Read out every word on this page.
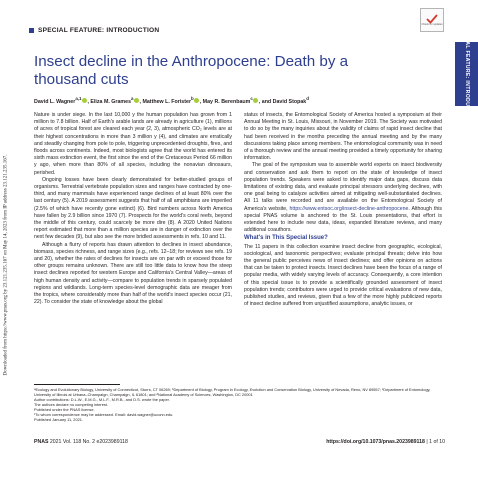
SPECIAL FEATURE: INTRODUCTION
Check for updates
SPECIAL FEATURE: INTRODUCTION
Downloaded from https://www.pnas.org by 23.121.235.167 on May 14, 2023 from IP address 23.121.235.167.
Insect decline in the Anthropocene: Death by a thousand cuts
David L. Wagner$^{a,1}$, Eliza M. Grames$^a$, Matthew L. Forister$^b$, May R. Berenbaum$^c$, and David Stopak$^d$

Nature is under siege. In the last 10,000 y the human population has grown from 1 million to 7.8 billion. Half of Earth's arable lands are already in agriculture (1), millions of acres of tropical forest are cleared each year (2, 3), atmospheric CO₂ levels are at their highest concentrations in more than 3 million y (4), and climates are erratically and steadily changing from pole to pole, triggering unprecedented droughts, fires, and floods across continents. Indeed, most biologists agree that the world has entered its sixth mass extinction event, the first since the end of the Cretaceous Period 66 million y ago, when more than 80% of all species, including the nonavian dinosaurs, perished.

Ongoing losses have been clearly demonstrated for better-studied groups of organisms. Terrestrial vertebrate population sizes and ranges have contracted by one-third, and many mammals have experienced range declines of at least 80% over the last century (5). A 2019 assessment suggests that half of all amphibians are imperiled (2.5% of which have recently gone extinct) (6). Bird numbers across North America have fallen by 2.9 billion since 1970 (7). Prospects for the world's coral reefs, beyond the middle of this century, could scarcely be more dire (8). A 2020 United Nations report estimated that more than a million species are in danger of extinction over the next few decades (9), but also see the more bridled assessments in refs. 10 and 11.

Although a flurry of reports has drawn attention to declines in insect abundance, biomass, species richness, and range sizes (e.g., refs. 12–18; for reviews see refs. 19 and 20), whether the rates of declines for insects are on par with or exceed those for other groups remains unknown. There are still too little data to know how the steep insect declines reported for western Europe and California's Central Valley—areas of high human density and activity—compare to population trends in sparsely populated regions and wildlands. Long-term species-level demographic data are meager from the tropics, where considerably more than half of the world's insect species occur (21, 22). To consider the state of knowledge about the global

status of insects, the Entomological Society of America hosted a symposium at their Annual Meeting in St. Louis, Missouri, in November 2019. The Society was motivated to do so by the many inquiries about the validity of claims of rapid insect decline that had been received in the months preceding the annual meeting and by the many discussions taking place among members. The entomological community was in need of a thorough review and the annual meeting provided a timely opportunity for sharing information.

The goal of the symposium was to assemble world experts on insect biodiversity and conservation and ask them to report on the state of knowledge of insect population trends. Speakers were asked to identify major data gaps, discuss data limitations of existing data, and evaluate principal stressors underlying declines, with one goal being to catalyze activities aimed at mitigating well-substantiated declines. All 11 talks were recorded and are available on the Entomological Society of America's website, https://www.entsoc.org/insect-decline-anthropocene. Although this special PNAS volume is anchored to the St. Louis presentations, that effort is extended here to include new data, ideas, expanded literature reviews, and many additional coauthors.

What's in This Special Issue?

The 11 papers in this collection examine insect decline from geographic, ecological, sociological, and taxonomic perspectives; evaluate principal threats; delve into how the general public perceives news of insect declines; and offer opinions on actions that can be taken to protect insects. Insect declines have been the focus of a range of popular media, with widely varying levels of accuracy. Consequently, a core intention of this special issue is to provide a scientifically grounded assessment of insect population trends; contributors were urged to provide critical evaluations of new data, published studies, and reviews, given that a few of the more highly publicized reports of insect decline suffered from unjustified assumptions, analytic issues, or

ᵃEcology and Evolutionary Biology, University of Connecticut, Storrs, CT 06269; ᵇDepartment of Biology, Program in Ecology, Evolution and Conservation Biology, University of Nevada, Reno, NV 89557; ᶜDepartment of Entomology, University of Illinois at Urbana–Champaign, Champaign, IL 61801; and ᵈNational Academy of Sciences, Washington, DC 20001
Author contributions: D.L.W., E.M.G., M.L.F., M.R.B., and D.S. wrote the paper.
The authors declare no competing interest.
Published under the PNAS license.
¹To whom correspondence may be addressed. Email: david.wagner@uconn.edu.
Published January 11, 2021.
PNAS 2021 Vol. 118 No. 2 e2023989118	https://doi.org/10.1073/pnas.2023989118 | 1 of 10
